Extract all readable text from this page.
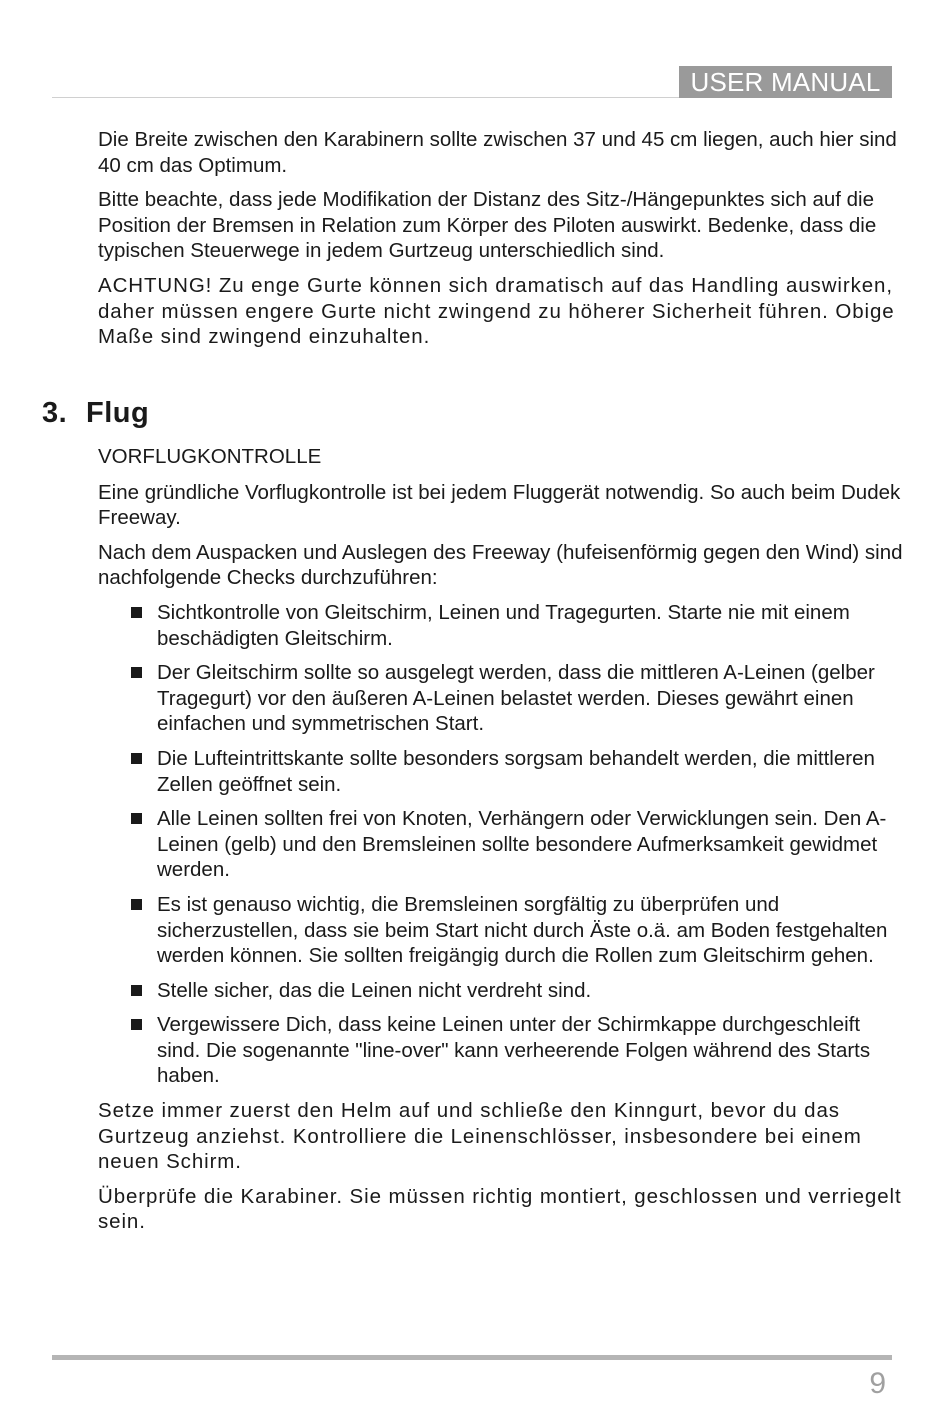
USER MANUAL

Die Breite zwischen den Karabinern sollte zwischen 37 und 45 cm liegen, auch hier sind 40 cm das Optimum.

Bitte beachte, dass jede Modifikation der Distanz des Sitz-/Hängepunktes sich auf die Position der Bremsen in Relation zum Körper des Piloten auswirkt. Bedenke, dass die typischen Steuerwege in jedem Gurtzeug unterschiedlich sind.

ACHTUNG! Zu enge Gurte können sich dramatisch auf das Handling auswirken, daher müssen engere Gurte nicht zwingend zu höherer Sicherheit führen. Obige Maße sind zwingend einzuhalten.

3. Flug
VORFLUGKONTROLLE

Eine gründliche Vorflugkontrolle ist bei jedem Fluggerät notwendig. So auch beim Dudek Freeway.

Nach dem Auspacken und Auslegen des Freeway (hufeisenförmig gegen den Wind) sind nachfolgende Checks durchzuführen:

Sichtkontrolle von Gleitschirm, Leinen und Tragegurten. Starte nie mit einem beschädigten Gleitschirm.
Der Gleitschirm sollte so ausgelegt werden, dass die mittleren A-Leinen (gelber Tragegurt) vor den äußeren A-Leinen belastet werden. Dieses gewährt einen einfachen und symmetrischen Start.
Die Lufteintrittskante sollte besonders sorgsam behandelt werden, die mittleren Zellen geöffnet sein.
Alle Leinen sollten frei von Knoten, Verhängern oder Verwicklungen sein. Den A-Leinen (gelb) und den Bremsleinen sollte besondere Aufmerksamkeit gewidmet werden.
Es ist genauso wichtig, die Bremsleinen sorgfältig zu überprüfen und sicherzustellen, dass sie beim Start nicht durch Äste o.ä. am Boden festgehalten werden können. Sie sollten freigängig durch die Rollen zum Gleitschirm gehen.
Stelle sicher, das die Leinen nicht verdreht sind.
Vergewissere Dich, dass keine Leinen unter der Schirmkappe durchgeschleift sind. Die sogenannte "line-over" kann verheerende Folgen während des Starts haben.

Setze immer zuerst den Helm auf und schließe den Kinngurt, bevor du das Gurtzeug anziehst. Kontrolliere die Leinenschlösser, insbesondere bei einem neuen Schirm.

Überprüfe die Karabiner. Sie müssen richtig montiert, geschlossen und verriegelt sein.

9
